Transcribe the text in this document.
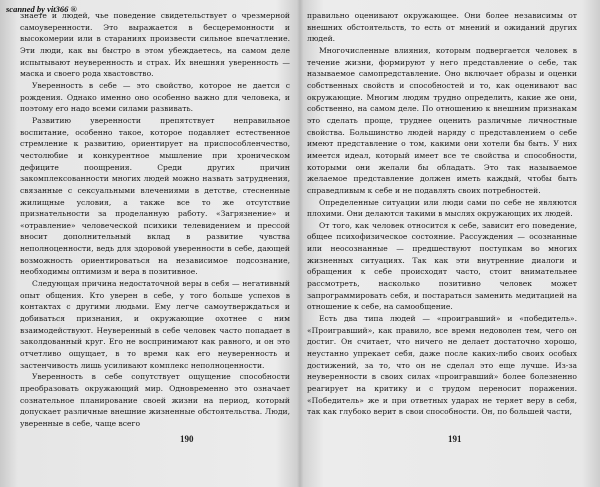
scanned by vit366 ®

знаете и людей, чье поведение свидетельствует о чрезмерной самоуверенности. Это выражается в бесцеремонности и высокомерии или в стараниях произвести сильное впечатление. Эти люди, как вы быстро в этом убеждаетесь, на самом деле испытывают неуверенность и страх. Их внешняя уверенность — маска и своего рода хвастовство.

Уверенность в себе — это свойство, которое не дается с рождения. Однако именно оно особенно важно для человека, и поэтому его надо всеми силами развивать.

Развитию уверенности препятствует неправильное воспитание, особенно такое, которое подавляет естественное стремление к развитию, ориентирует на приспособленчество, честолюбие и конкурентное мышление при хроническом дефиците поощрения. Среди других причин закомплексованности многих людей можно назвать затруднения, связанные с сексуальными влечениями в детстве, стесненные жилищные условия, а также все то же отсутствие признательности за проделанную работу. «Загрязнение» и «отравление» человеческой психики телевидением и прессой вносит дополнительный вклад в развитие чувства неполноценности, ведь для здоровой уверенности в себе, дающей возможность ориентироваться на независимое подсознание, необходимы оптимизм и вера в позитивное.

Следующая причина недостаточной веры в себя — негативный опыт общения. Кто уверен в себе, у того больше успехов в контактах с другими людьми. Ему легче самоутверждаться и добиваться признания, и окружающие охотнее с ним взаимодействуют. Неуверенный в себе человек часто попадает в заколдованный круг. Его не воспринимают как равного, и он это отчетливо ощущает, в то время как его неуверенность и застенчивость лишь усиливают комплекс неполноценности.

Уверенность в себе сопутствует ощущение способности преобразовать окружающий мир. Одновременно это означает сознательное планирование своей жизни на период, который допускает различные внешние жизненные обстоятельства. Люди, уверенные в себе, чаще всего

190

правильно оценивают окружающее. Они более независимы от внешних обстоятельств, то есть от мнений и ожиданий других людей.

Многочисленные влияния, которым подвергается человек в течение жизни, формируют у него представление о себе, так называемое самопредставление. Оно включает образы и оценки собственных свойств и способностей и то, как оценивают вас окружающие. Многим людям трудно определить, какие же они, собственно, на самом деле. По отношению к внешним признакам это сделать проще, труднее оценить различные личностные свойства. Большинство людей наряду с представлением о себе имеют представление о том, какими они хотели бы быть. У них имеется идеал, который имеет все те свойства и способности, которыми они желали бы обладать. Это так называемое желаемое представление должен иметь каждый, чтобы быть справедливым к себе и не подавлять своих потребностей.

Определенные ситуации или люди сами по себе не являются плохими. Они делаются такими в мыслях окружающих их людей.

От того, как человек относится к себе, зависит его поведение, общее психофизическое состояние. Рассуждения — осознанные или неосознанные — предшествуют поступкам во многих жизненных ситуациях. Так как эти внутренние диалоги и обращения к себе происходят часто, стоит внимательнее рассмотреть, насколько позитивно человек может запрограммировать себя, и постараться заменить медитацией на отношение к себе, на самообщение.

Есть два типа людей — «проигравший» и «победитель». «Проигравший», как правило, все время недоволен тем, чего он достиг. Он считает, что ничего не делает достаточно хорошо, неустанно упрекает себя, даже после каких-либо своих особых достижений, за то, что он не сделал это еще лучше. Из-за неуверенности в своих силах «проигравший» более болезненно реагирует на критику и с трудом переносит поражения. «Победитель» же и при ответных ударах не теряет веру в себя, так как глубоко верит в свои способности. Он, по большей части,

191
